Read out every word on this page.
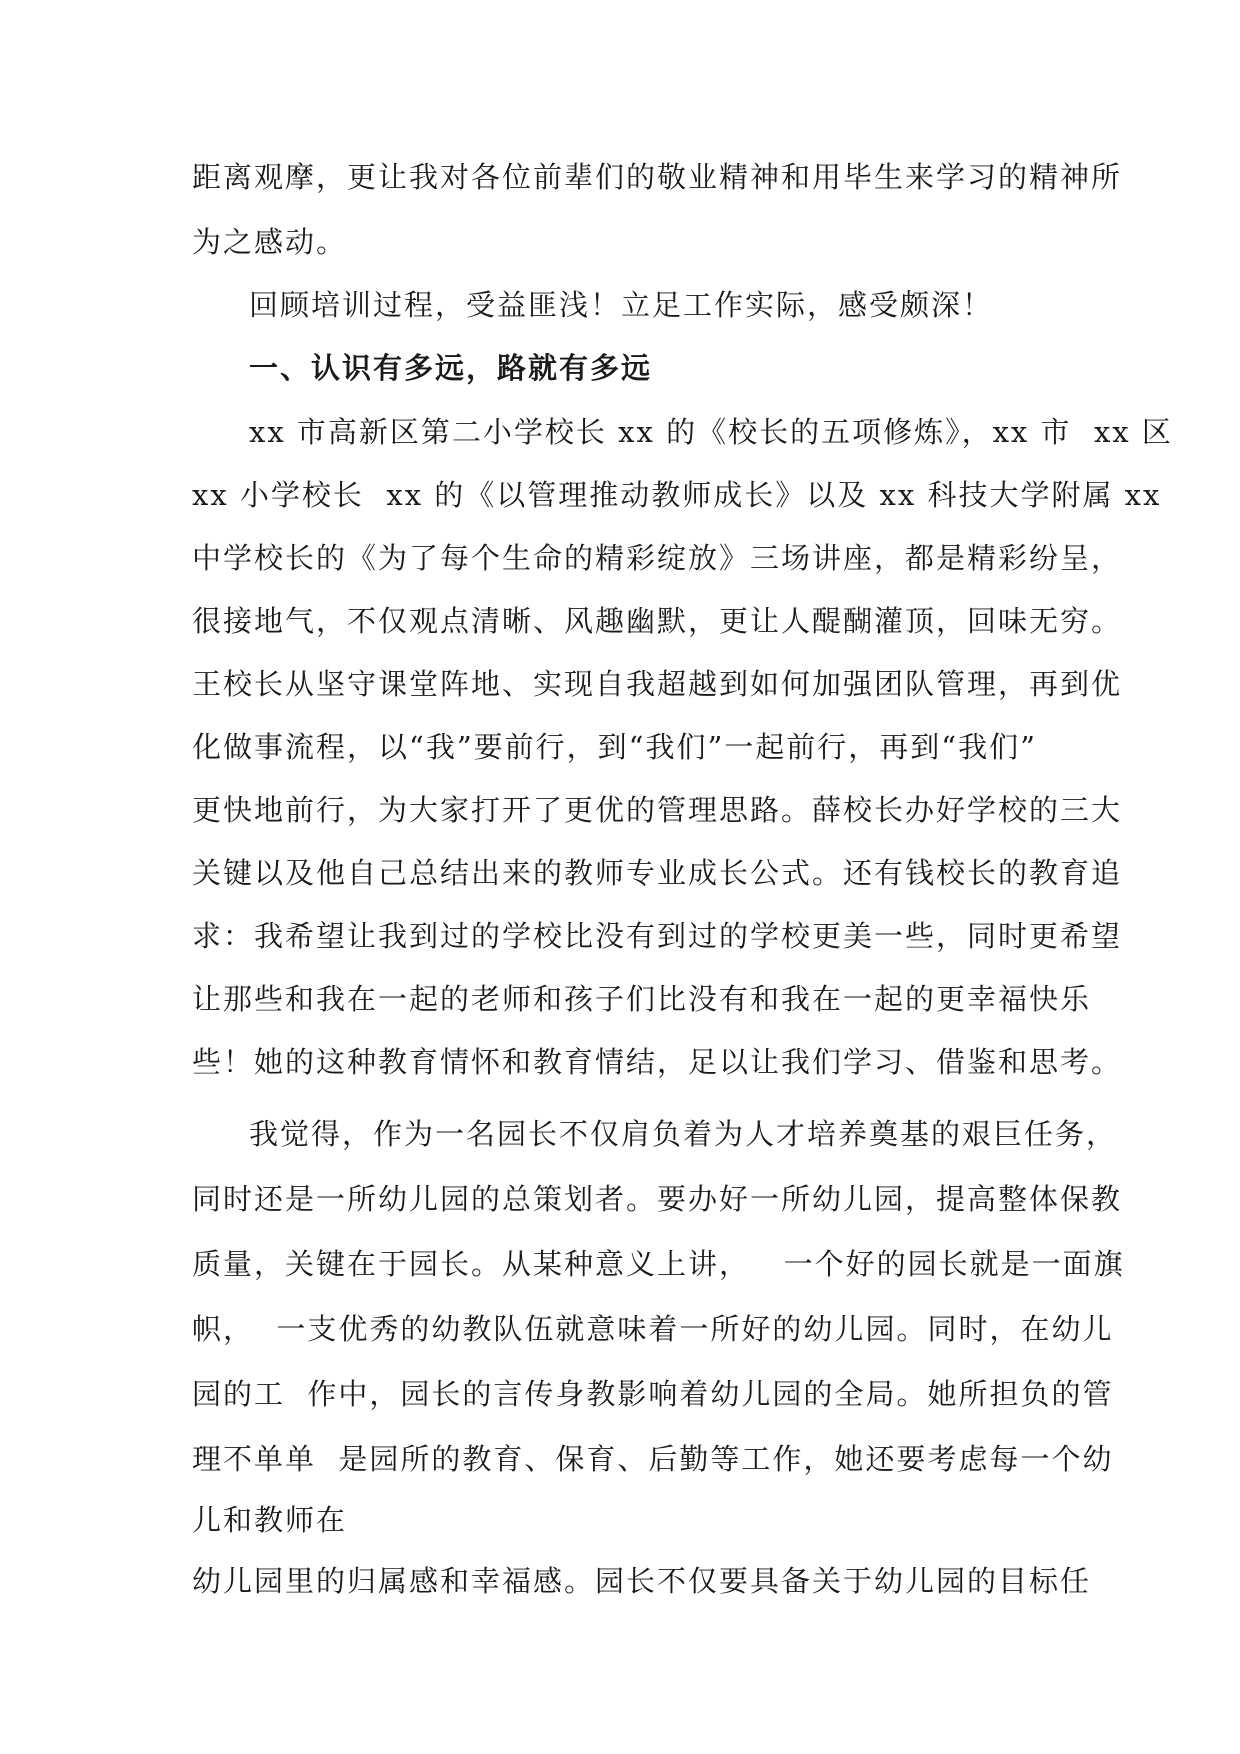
距离观摩，更让我对各位前辈们的敬业精神和用毕生来学习的精神所
为之感动。
回顾培训过程，受益匪浅！立足工作实际，感受颇深！
一、认识有多远，路就有多远
xx 市高新区第二小学校长 xx 的《校长的五项修炼》，xx 市  xx 区
xx 小学校长  xx 的《以管理推动教师成长》以及 xx 科技大学附属 xx
中学校长的《为了每个生命的精彩绽放》三场讲座，都是精彩纷呈，
很接地气，不仅观点清晰、风趣幽默，更让人醍醐灌顶，回味无穷。
王校长从坚守课堂阵地、实现自我超越到如何加强团队管理，再到优
化做事流程，以“我”要前行，到“我们”一起前行，再到“我们”
更快地前行，为大家打开了更优的管理思路。薛校长办好学校的三大
关键以及他自己总结出来的教师专业成长公式。还有钱校长的教育追
求：我希望让我到过的学校比没有到过的学校更美一些，同时更希望
让那些和我在一起的老师和孩子们比没有和我在一起的更幸福快乐
些！她的这种教育情怀和教育情结，足以让我们学习、借鉴和思考。
我觉得，作为一名园长不仅肩负着为人才培养奠基的艰巨任务，
同时还是一所幼儿园的总策划者。要办好一所幼儿园，提高整体保教
质量，关键在于园长。从某种意义上讲，   一个好的园长就是一面旗
帜，  一支优秀的幼教队伍就意味着一所好的幼儿园。同时，在幼儿
园的工  作中，园长的言传身教影响着幼儿园的全局。她所担负的管
理不单单  是园所的教育、保育、后勤等工作，她还要考虑每一个幼
儿和教师在
幼儿园里的归属感和幸福感。园长不仅要具备关于幼儿园的目标任
